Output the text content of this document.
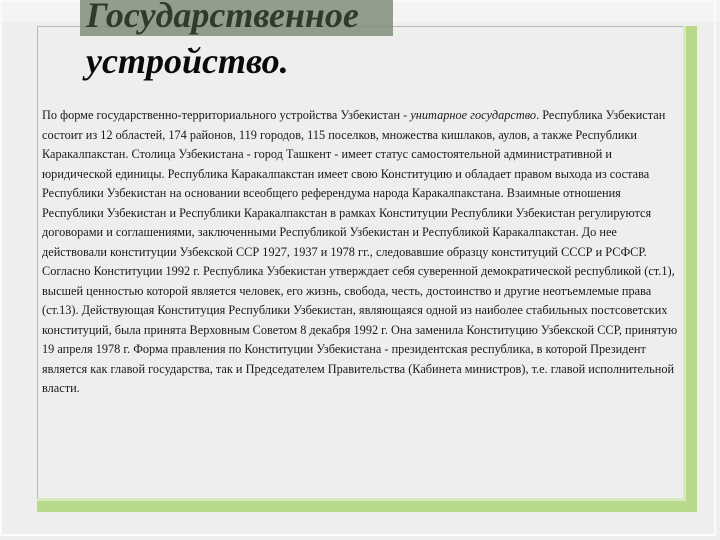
Государственное
устройство.

По форме государственно-территориального устройства Узбекистан - унитарное государство. Республика Узбекистан состоит из 12 областей, 174 районов, 119 городов, 115 поселков, множества кишлаков, аулов, а также Республики Каракалпакстан. Столица Узбекистана - город Ташкент - имеет статус самостоятельной административной и юридической единицы. Республика Каракалпакстан имеет свою Конституцию и обладает правом выхода из состава Республики Узбекистан на основании всеобщего референдума народа Каракалпакстана. Взаимные отношения Республики Узбекистан и Республики Каракалпакстан в рамках Конституции Республики Узбекистан регулируются договорами и соглашениями, заключенными Республикой Узбекистан и Республикой Каракалпакстан. До нее действовали конституции Узбекской ССР 1927, 1937 и 1978 гг., следовавшие образцу конституций СССР и РСФСР.

Согласно Конституции 1992 г. Республика Узбекистан утверждает себя суверенной демократической республикой (ст.1), высшей ценностью которой является человек, его жизнь, свобода, честь, достоинство и другие неотъемлемые права (ст.13). Действующая Конституция Республики Узбекистан, являющаяся одной из наиболее стабильных постсоветских конституций, была принята Верховным Советом 8 декабря 1992 г. Она заменила Конституцию Узбекской ССР, принятую 19 апреля 1978 г. Форма правления по Конституции Узбекистана - президентская республика, в которой Президент является как главой государства, так и Председателем Правительства (Кабинета министров), т.е. главой исполнительной власти.
